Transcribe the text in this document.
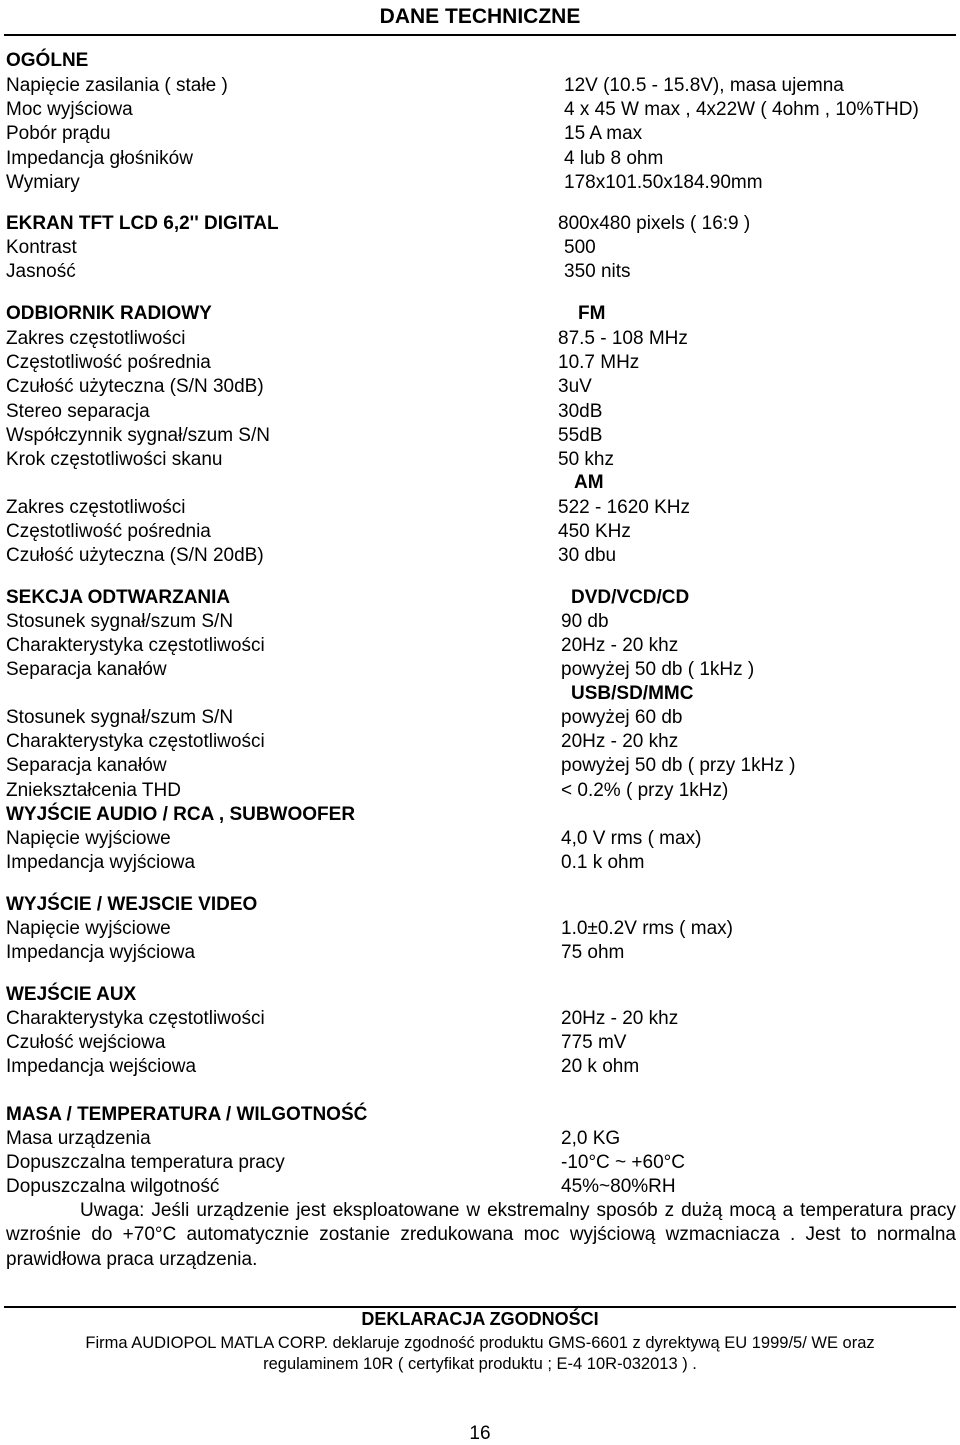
DANE TECHNICZNE
OGÓLNE
Napięcie zasilania ( stałe )	12V (10.5 - 15.8V), masa ujemna
Moc wyjściowa	4 x 45 W max , 4x22W ( 4ohm , 10%THD)
Pobór prądu	15 A max
Impedancja głośników	4 lub 8 ohm
Wymiary	178x101.50x184.90mm
EKRAN TFT LCD 6,2'' DIGITAL	800x480 pixels ( 16:9 )
Kontrast	500
Jasność	350 nits
ODBIORNIK RADIOWY	FM
Zakres częstotliwości	87.5 - 108 MHz
Częstotliwość pośrednia	10.7 MHz
Czułość użyteczna (S/N 30dB)	3uV
Stereo separacja	30dB
Współczynnik sygnał/szum S/N	55dB
Krok częstotliwości skanu	50 khz
AM
Zakres częstotliwości	522 - 1620 KHz
Częstotliwość pośrednia	450 KHz
Czułość użyteczna (S/N 20dB)	30 dbu
SEKCJA ODTWARZANIA	DVD/VCD/CD
Stosunek sygnał/szum S/N	90 db
Charakterystyka częstotliwości	20Hz - 20 khz
Separacja kanałów	powyżej 50 db ( 1kHz )
USB/SD/MMC
Stosunek sygnał/szum S/N	powyżej 60 db
Charakterystyka częstotliwości	20Hz - 20 khz
Separacja kanałów	powyżej 50 db ( przy 1kHz )
Zniekształcenia THD	< 0.2% ( przy 1kHz)
WYJŚCIE AUDIO / RCA , SUBWOOFER
Napięcie wyjściowe	4,0 V rms ( max)
Impedancja wyjściowa	0.1 k ohm
WYJŚCIE / WEJSCIE VIDEO
Napięcie wyjściowe	1.0±0.2V rms ( max)
Impedancja wyjściowa	75 ohm
WEJŚCIE AUX
Charakterystyka częstotliwości	20Hz - 20 khz
Czułość wejściowa	775 mV
Impedancja wejściowa	20 k ohm
MASA / TEMPERATURA / WILGOTNOŚĆ
Masa urządzenia	2,0 KG
Dopuszczalna temperatura pracy	-10°C ~ +60°C
Dopuszczalna wilgotność	45%~80%RH
Uwaga: Jeśli urządzenie jest eksploatowane w ekstremalny sposób z dużą mocą a temperatura pracy wzrośnie do +70°C automatycznie zostanie zredukowana moc wyjściową wzmacniacza . Jest to normalna prawidłowa praca urządzenia.
DEKLARACJA ZGODNOŚCI
Firma AUDIOPOL MATLA CORP. deklaruje zgodność produktu GMS-6601 z dyrektywą EU 1999/5/ WE oraz
regulaminem 10R ( certyfikat produktu ; E-4 10R-032013 ) .
16
